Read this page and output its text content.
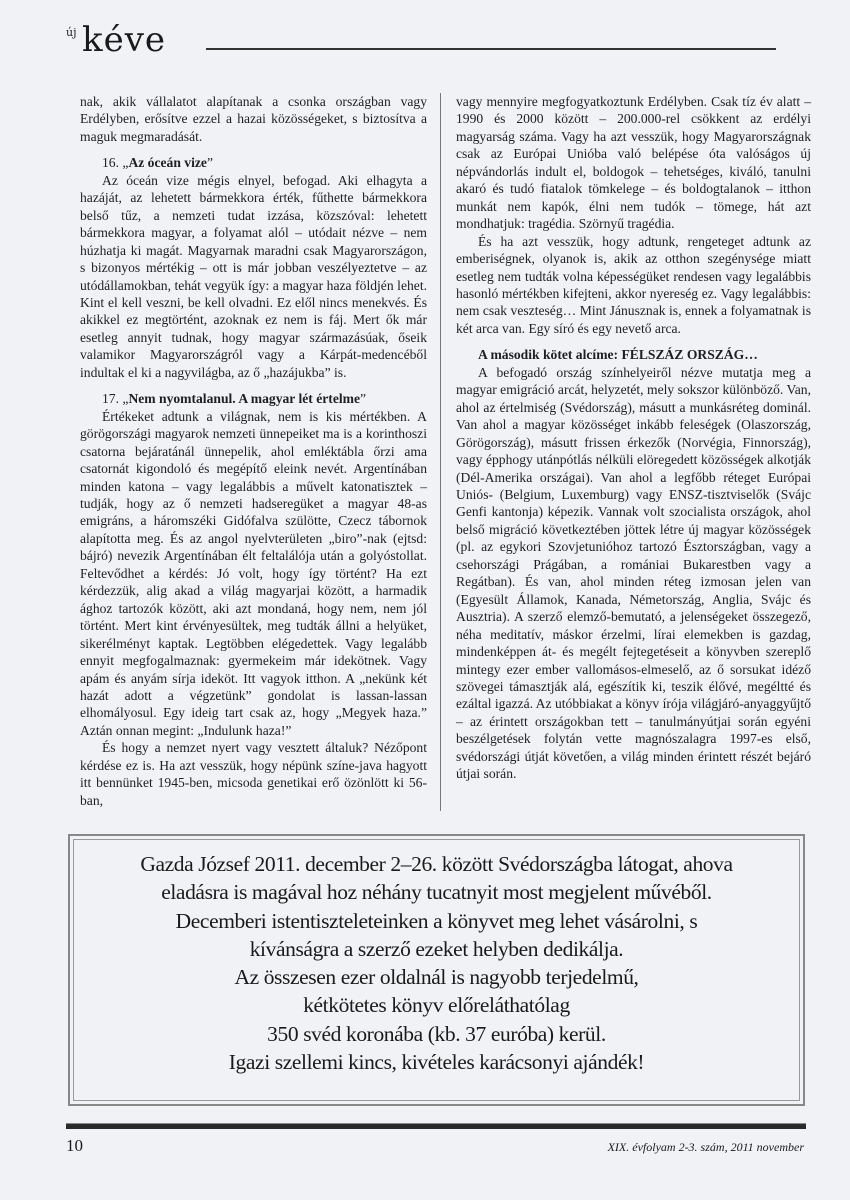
új kéve

nak, akik vállalatot alapítanak a csonka országban vagy Erdélyben, erősítve ezzel a hazai közösségeket, s biztosítva a maguk megmaradását.

16. „Az óceán vize”

Az óceán vize mégis elnyel, befogad. Aki elhagyta a hazáját, az lehetett bármekkora érték, fűthette bármekkora belső tűz, a nemzeti tudat izzása, közszóval: lehetett bármekkora magyar, a folyamat alól – utódait nézve – nem húzhatja ki magát. Magyarnak maradni csak Magyarországon, s bizonyos mértékig – ott is már jobban veszélyeztetve – az utódállamokban, tehát vegyük így: a magyar haza földjén lehet. Kint el kell veszni, be kell olvadni. Ez elől nincs menekvés. És akikkel ez megtörtént, azoknak ez nem is fáj. Mert ők már esetleg annyit tudnak, hogy magyar származásúak, őseik valamikor Magyarországról vagy a Kárpát-medencéből indultak el ki a nagyvilágba, az ő „hazájukba” is.

17. „Nem nyomtalanul. A magyar lét értelme”

Értékeket adtunk a világnak, nem is kis mértékben. A görögországi magyarok nemzeti ünnepeiket ma is a korinthoszi csatorna bejáratánál ünnepelik, ahol emléktábla őrzi ama csatornát kigondoló és megépítő eleink nevét. Argentínában minden katona – vagy legalábbis a művelt katonatisztek – tudják, hogy az ő nemzeti hadseregüket a magyar 48-as emigráns, a háromszéki Gidófalva szülötte, Czecz tábornok alapította meg. És az angol nyelvterületen „biro”-nak (ejtsd: bájró) nevezik Argentínában élt feltalálója után a golyóstollat. Feltevődhet a kérdés: Jó volt, hogy így történt? Ha ezt kérdezzük, alig akad a világ magyarjai között, a harmadik ághoz tartozók között, aki azt mondaná, hogy nem, nem jól történt. Mert kint érvényesültek, meg tudták állni a helyüket, sikerélményt kaptak. Legtöbben elégedettek. Vagy legalább ennyit megfogalmaznak: gyermekeim már idekötnek. Vagy apám és anyám sírja ideköt. Itt vagyok itthon. A „nekünk két hazát adott a végzetünk” gondolat is lassan-lassan elhomályosul. Egy ideig tart csak az, hogy „Megyek haza.” Aztán onnan megint: „Indulunk haza!”

És hogy a nemzet nyert vagy vesztett általuk? Nézőpont kérdése ez is. Ha azt vesszük, hogy népünk színe-java hagyott itt bennünket 1945-ben, micsoda genetikai erő özönlött ki 56-ban,

vagy mennyire megfogyatkoztunk Erdélyben. Csak tíz év alatt – 1990 és 2000 között – 200.000-rel csökkent az erdélyi magyarság száma. Vagy ha azt vesszük, hogy Magyarországnak csak az Európai Unióba való belépése óta valóságos új népvándorlás indult el, boldogok – tehetséges, kiváló, tanulni akaró és tudó fiatalok tömkelege – és boldogtalanok – itthon munkát nem kapók, élni nem tudók – tömege, hát azt mondhatjuk: tragédia. Szörnyű tragédia.

És ha azt vesszük, hogy adtunk, rengeteget adtunk az emberiségnek, olyanok is, akik az otthon szegénysége miatt esetleg nem tudták volna képességüket rendesen vagy legalábbis hasonló mértékben kifejteni, akkor nyereség ez. Vagy legalábbis: nem csak veszteség… Mint Jánusznak is, ennek a folyamatnak is két arca van. Egy síró és egy nevető arca.

A második kötet alcíme: FÉLSZÁZ ORSZÁG…

A befogadó ország színhelyeiről nézve mutatja meg a magyar emigráció arcát, helyzetét, mely sokszor különböző. Van, ahol az értelmiség (Svédország), másutt a munkásréteg dominál. Van ahol a magyar közösséget inkább feleségek (Olaszország, Görögország), másutt frissen érkezők (Norvégia, Finnország), vagy épphogy utánpótlás nélküli elöregedett közösségek alkotják (Dél-Amerika országai). Van ahol a legfőbb réteget Európai Uniós- (Belgium, Luxemburg) vagy ENSZ-tisztviselők (Svájc Genfi kantonja) képezik. Vannak volt szocialista országok, ahol belső migráció következtében jöttek létre új magyar közösségek (pl. az egykori Szovjetunióhoz tartozó Észtországban, vagy a csehországi Prágában, a romániai Bukarestben vagy a Regátban). És van, ahol minden réteg izmosan jelen van (Egyesült Államok, Kanada, Németország, Anglia, Svájc és Ausztria). A szerző elemző-bemutató, a jelenségeket összegező, néha meditatív, máskor érzelmi, lírai elemekben is gazdag, mindenképpen át- és megélt fejtegetéseit a könyvben szereplő mintegy ezer ember vallomásos-elmeselő, az ő sorsukat idéző szövegei támasztják alá, egészítik ki, teszik élővé, megéltté és ezáltal igazzá. Az utóbbiakat a könyv írója világjáró-anyaggyűjtő – az érintett országokban tett – tanulmányútjai során egyéni beszélgetések folytán vette magnószalagra 1997-es első, svédországi útját követően, a világ minden érintett részét bejáró útjai során.

Gazda József 2011. december 2–26. között Svédországba látogat, ahova
eladásra is magával hoz néhány tucatnyit most megjelent művéből.
Decemberi istentiszteleteinken a könyvet meg lehet vásárolni, s
kívánságra a szerző ezeket helyben dedikálja.
Az összesen ezer oldalnál is nagyobb terjedelmű,
kétkötetes könyv előreláthatólag
350 svéd koronába (kb. 37 euróba) kerül.
Igazi szellemi kincs, kivételes karácsonyi ajándék!
10	XIX. évfolyam 2-3. szám, 2011 november
